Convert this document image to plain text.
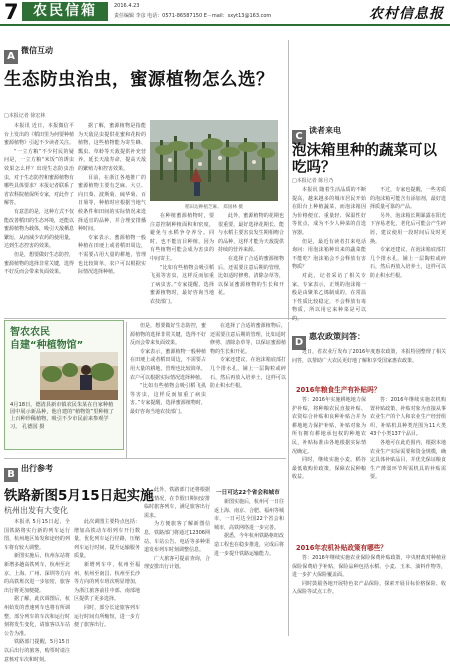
7	农民信箱	2016.4.23
责任编辑 李彦 电话：0571-86587150 E－mail：sxyt13@163.com	农村信息报
$A^{微信互动}$
生态防虫治虫，蜜源植物怎么选？
□本报记者 徐宏林

本报讯 近日，本报微信平台上发出的《稻田里为何要种植蜜源植物》引起不少读者关注。

“一立方粮”不少村民的疑问是，一立方粮“米饭”的诱虫效果怎么样？出现生态防虫治虫，对于生态防控和蜜源植物有哪些具体要求？本报记者联系了省农科院植保所专家，对此作了解答。

有意思的是，这种方式不仅能改善稻田的生态环境，还能以蜜源植物为载体，吸引天敌栖息繁衍，从而减少农药的使用量，达到生态控害的效果。

但是，想要做好生态防控，蜜源植物的选择非常关键，选得不好反而会带来负面效果。

据了解，蜜源植物是指能为天敌昆虫提供花蜜和花粉的植物，这些植物能为寄生蜂、瓢虫、草蛉等天敌提供补充营养，延长天敌寿命，提高天敌的繁殖力和控害效果。

目前，在浙江各地推广的蜜源植物主要有芝麻、大豆、向日葵、波斯菊、硫华菊、百日菊等，种植时应根据当地气候条件和田间的实际情况来选择适宜的品种，并合理安排播种时间。

专家表示，蜜源植物一般种植在田埂上或者稻田周边，不需要占用大量的耕地，管理也比较简单，农户可以根据实际情况选择种植。

稻田边种植芝麻。 郑国林 摄

在种植蜜源植物时，要注意控制种植面积和密度，避免与水稻争夺养分。同时，也不能盲目种植，因为有些植物可能会成为害虫的中间寄主。

“比如有些植物会吸引稻飞虱等害虫，这样反而加重了病虫害。”专家提醒，选择蜜源植物时，最好咨询当地农技部门。

此外，蜜源植物的花期也很重要。最好选择花期长、能与水稻主要害虫发生期相吻合的品种，这样才能为天敌提供持续的营养来源。

在选择了合适的蜜源植物后，还需要注意后期的管理，比如适时修剪、清除杂草等，以保证蜜源植物的生长和开花。

$C^{读者来电}$
泡沫箱里种的蔬菜可以吃吗？
□本报记者 陈月乃

本报讯 随着生活品质的不断提高，越来越多的城市居民开始在阳台上种植蔬菜，而泡沫箱因为价格便宜、重量轻、保温性好等优点，成为不少人种菜的首选容器。

但是，最近有读者打来电话询问：用泡沫箱种出来的蔬菜能不能吃？泡沫箱会不会释放有害物质？

对此，记者采访了相关专家。专家表示，正规的泡沫箱一般是由聚苯乙烯制成的，在常温下性质比较稳定，不会释放有毒物质，所以用它来种菜是可以的。

不过，专家也提醒，一些劣质的泡沫箱可能含有添加剂，最好选择质量可靠的产品。

另外，泡沫箱长期暴露在阳光下容易老化，老化后可能会产生碎屑，建议使用一段时间后及时更换。

专家还建议，在泡沫箱底部打几个排水孔，铺上一层陶粒或碎石，然后再放入培养土，这样可以防止积水烂根。

智农农民
自建“种植物馆”
4月18日，德清县新市镇农民朱某在自家种植园中展示新品种，他自建的“植物馆”里种植了上百种珍稀植物，吸引不少市民前来参观学习。 孔德国 摄

但是，想要做好生态防控，蜜源植物的选择非常关键，选得不好反而会带来负面效果。

专家表示，蜜源植物一般种植在田埂上或者稻田周边，不需要占用大量的耕地，管理也比较简单，农户可以根据实际情况选择种植。

“比如有些植物会吸引稻飞虱等害虫，这样反而加重了病虫害。”专家提醒，选择蜜源植物时，最好咨询当地农技部门。

在选择了合适的蜜源植物后，还需要注意后期的管理，比如适时修剪、清除杂草等，以保证蜜源植物的生长和开花。

专家还建议，在泡沫箱底部打几个排水孔，铺上一层陶粒或碎石，然后再放入培养土，这样可以防止积水烂根。

$D^{惠农政策问答:}$

近日，省农业厅发布了2016年度惠农政策，本报特别整理了相关问答，以帮助广大农民更好地了解和享受国家惠农政策。

2016年粮食生产有补贴吗？

答：2016年实施耕地地力保护补贴，将种粮农民直接补贴、农资综合补贴和良种补贴合并为耕地地力保护补贴，补贴对象为所有拥有耕地承包权的种地农民，补贴标准由各地根据实际情况确定。

同时，继续实施小麦、稻谷最低收购价政策，保障农民种粮收益。

答：2016年继续实施农机购置补贴政策，补贴对象为直接从事农业生产的个人和农业生产经营组织，补贴机具种类范围为11大类43个小类137个品目。

各地可在此范围内，根据本地农业生产实际需要和资金规模，确定具体补贴品目，并优先保证粮食生产薄弱环节所需机具的补贴需要。

2016年农机补贴政策有哪些？

答：2016年继续实施农业保险保费补贴政策，中央财政对种植业保险保费给予补贴，保险品种包括水稻、小麦、玉米、油料作物等，进一步扩大保险覆盖面。

同时鼓励各地开展特色农产品保险，探索开展目标价格保险、收入保险等试点工作。

$B^{出行参考}$
铁路新图5月15日起实施
杭州出发有大变化

本报讯 5月15日起，全国铁路将实行新的列车运行图，杭州地区始发和途经的列车将有较大调整。

新图实施后，杭州东站将新增多趟高铁列车，杭州至北京、上海、广州、深圳等方向的高铁班次进一步加密，旅客出行将更加便捷。

据了解，此次调图后，杭州始发的普速列车也将有所调整，部分列车的车次和运行时刻将发生变化，请旅客以车站公告为准。

铁路部门提醒，5月15日以后出行的旅客，购票时请注意核对车次和时刻。

此次调图主要特点包括：增加高铁动车组列车开行数量，优化列车运行径路，压缩列车运行时间，提升运输服务质量。

新增列车中，杭州至福州、杭州至南昌、杭州至长沙等方向的列车班次明显增加，为浙江旅客前往中部、南部地区提供了更多选择。

同时，部分长途旅客列车运行时间有所缩短，进一步方便了旅客出行。

此外，铁路部门还将根据客流情况，在节假日期间安排临时旅客列车，满足旅客出行需求。

为方便旅客了解新图信息，铁路部门将通过12306网站、车站公告、电话等多种渠道发布列车时刻调整信息。

广大旅客可提前查询，合理安排出行计划。

一日可达22个省会和城市

新图实施后，杭州可一日往返上海、南京、合肥、福州等城市，一日可达全国22个省会和城市，高铁网络进一步完善。

据悉，今年杭州铁路枢纽改造工程也在稳步推进，完成后将进一步提升铁路运输能力。
